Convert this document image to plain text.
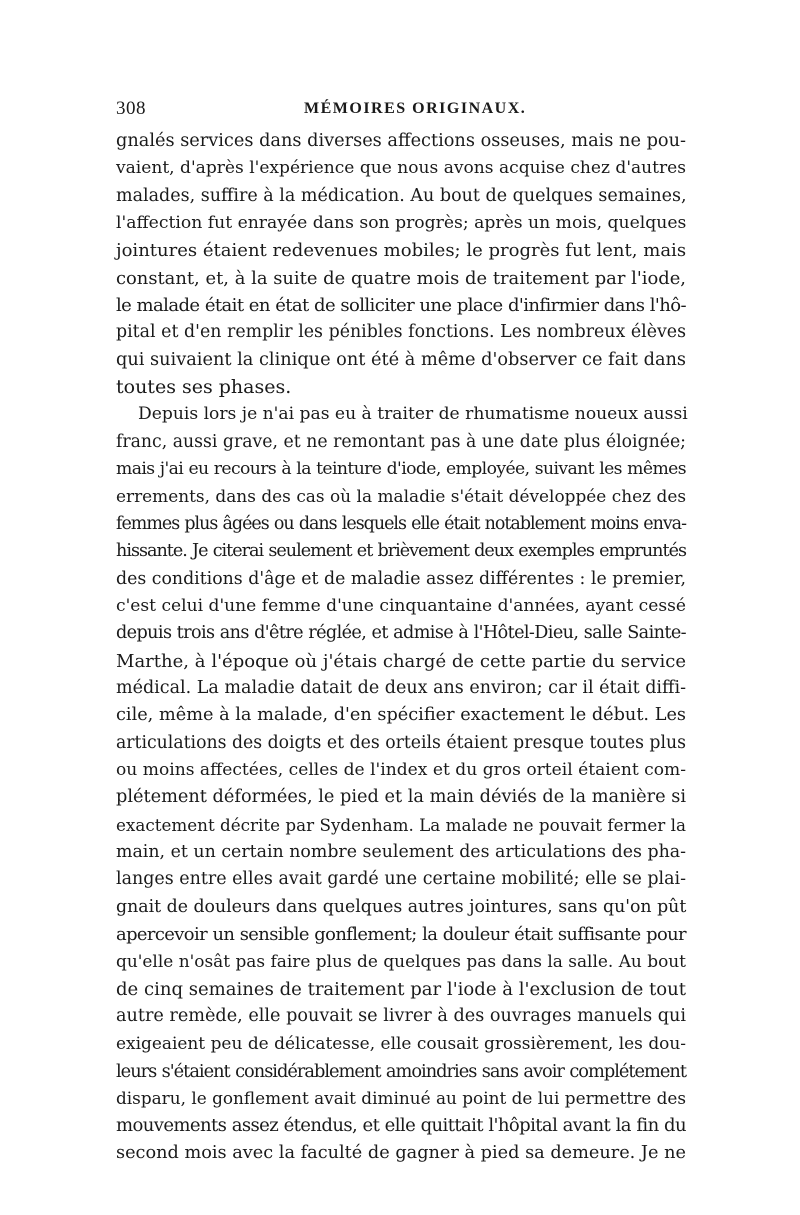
308	MÉMOIRES ORIGINAUX.
gnalés services dans diverses affections osseuses, mais ne pou-
vaient, d'après l'expérience que nous avons acquise chez d'autres
malades, suffire à la médication. Au bout de quelques semaines,
l'affection fut enrayée dans son progrès; après un mois, quelques
jointures étaient redevenues mobiles; le progrès fut lent, mais
constant, et, à la suite de quatre mois de traitement par l'iode,
le malade était en état de solliciter une place d'infirmier dans l'hô-
pital et d'en remplir les pénibles fonctions. Les nombreux élèves
qui suivaient la clinique ont été à même d'observer ce fait dans
toutes ses phases.
Depuis lors je n'ai pas eu à traiter de rhumatisme noueux aussi
franc, aussi grave, et ne remontant pas à une date plus éloignée;
mais j'ai eu recours à la teinture d'iode, employée, suivant les mêmes
errements, dans des cas où la maladie s'était développée chez des
femmes plus âgées ou dans lesquels elle était notablement moins enva-
hissante. Je citerai seulement et brièvement deux exemples empruntés
des conditions d'âge et de maladie assez différentes : le premier,
c'est celui d'une femme d'une cinquantaine d'années, ayant cessé
depuis trois ans d'être réglée, et admise à l'Hôtel-Dieu, salle Sainte-
Marthe, à l'époque où j'étais chargé de cette partie du service
médical. La maladie datait de deux ans environ; car il était diffi-
cile, même à la malade, d'en spécifier exactement le début. Les
articulations des doigts et des orteils étaient presque toutes plus
ou moins affectées, celles de l'index et du gros orteil étaient com-
plétement déformées, le pied et la main déviés de la manière si
exactement décrite par Sydenham. La malade ne pouvait fermer la
main, et un certain nombre seulement des articulations des pha-
langes entre elles avait gardé une certaine mobilité; elle se plai-
gnait de douleurs dans quelques autres jointures, sans qu'on pût
apercevoir un sensible gonflement; la douleur était suffisante pour
qu'elle n'osât pas faire plus de quelques pas dans la salle. Au bout
de cinq semaines de traitement par l'iode à l'exclusion de tout
autre remède, elle pouvait se livrer à des ouvrages manuels qui
exigeaient peu de délicatesse, elle cousait grossièrement, les dou-
leurs s'étaient considérablement amoindries sans avoir complétement
disparu, le gonflement avait diminué au point de lui permettre des
mouvements assez étendus, et elle quittait l'hôpital avant la fin du
second mois avec la faculté de gagner à pied sa demeure. Je ne
